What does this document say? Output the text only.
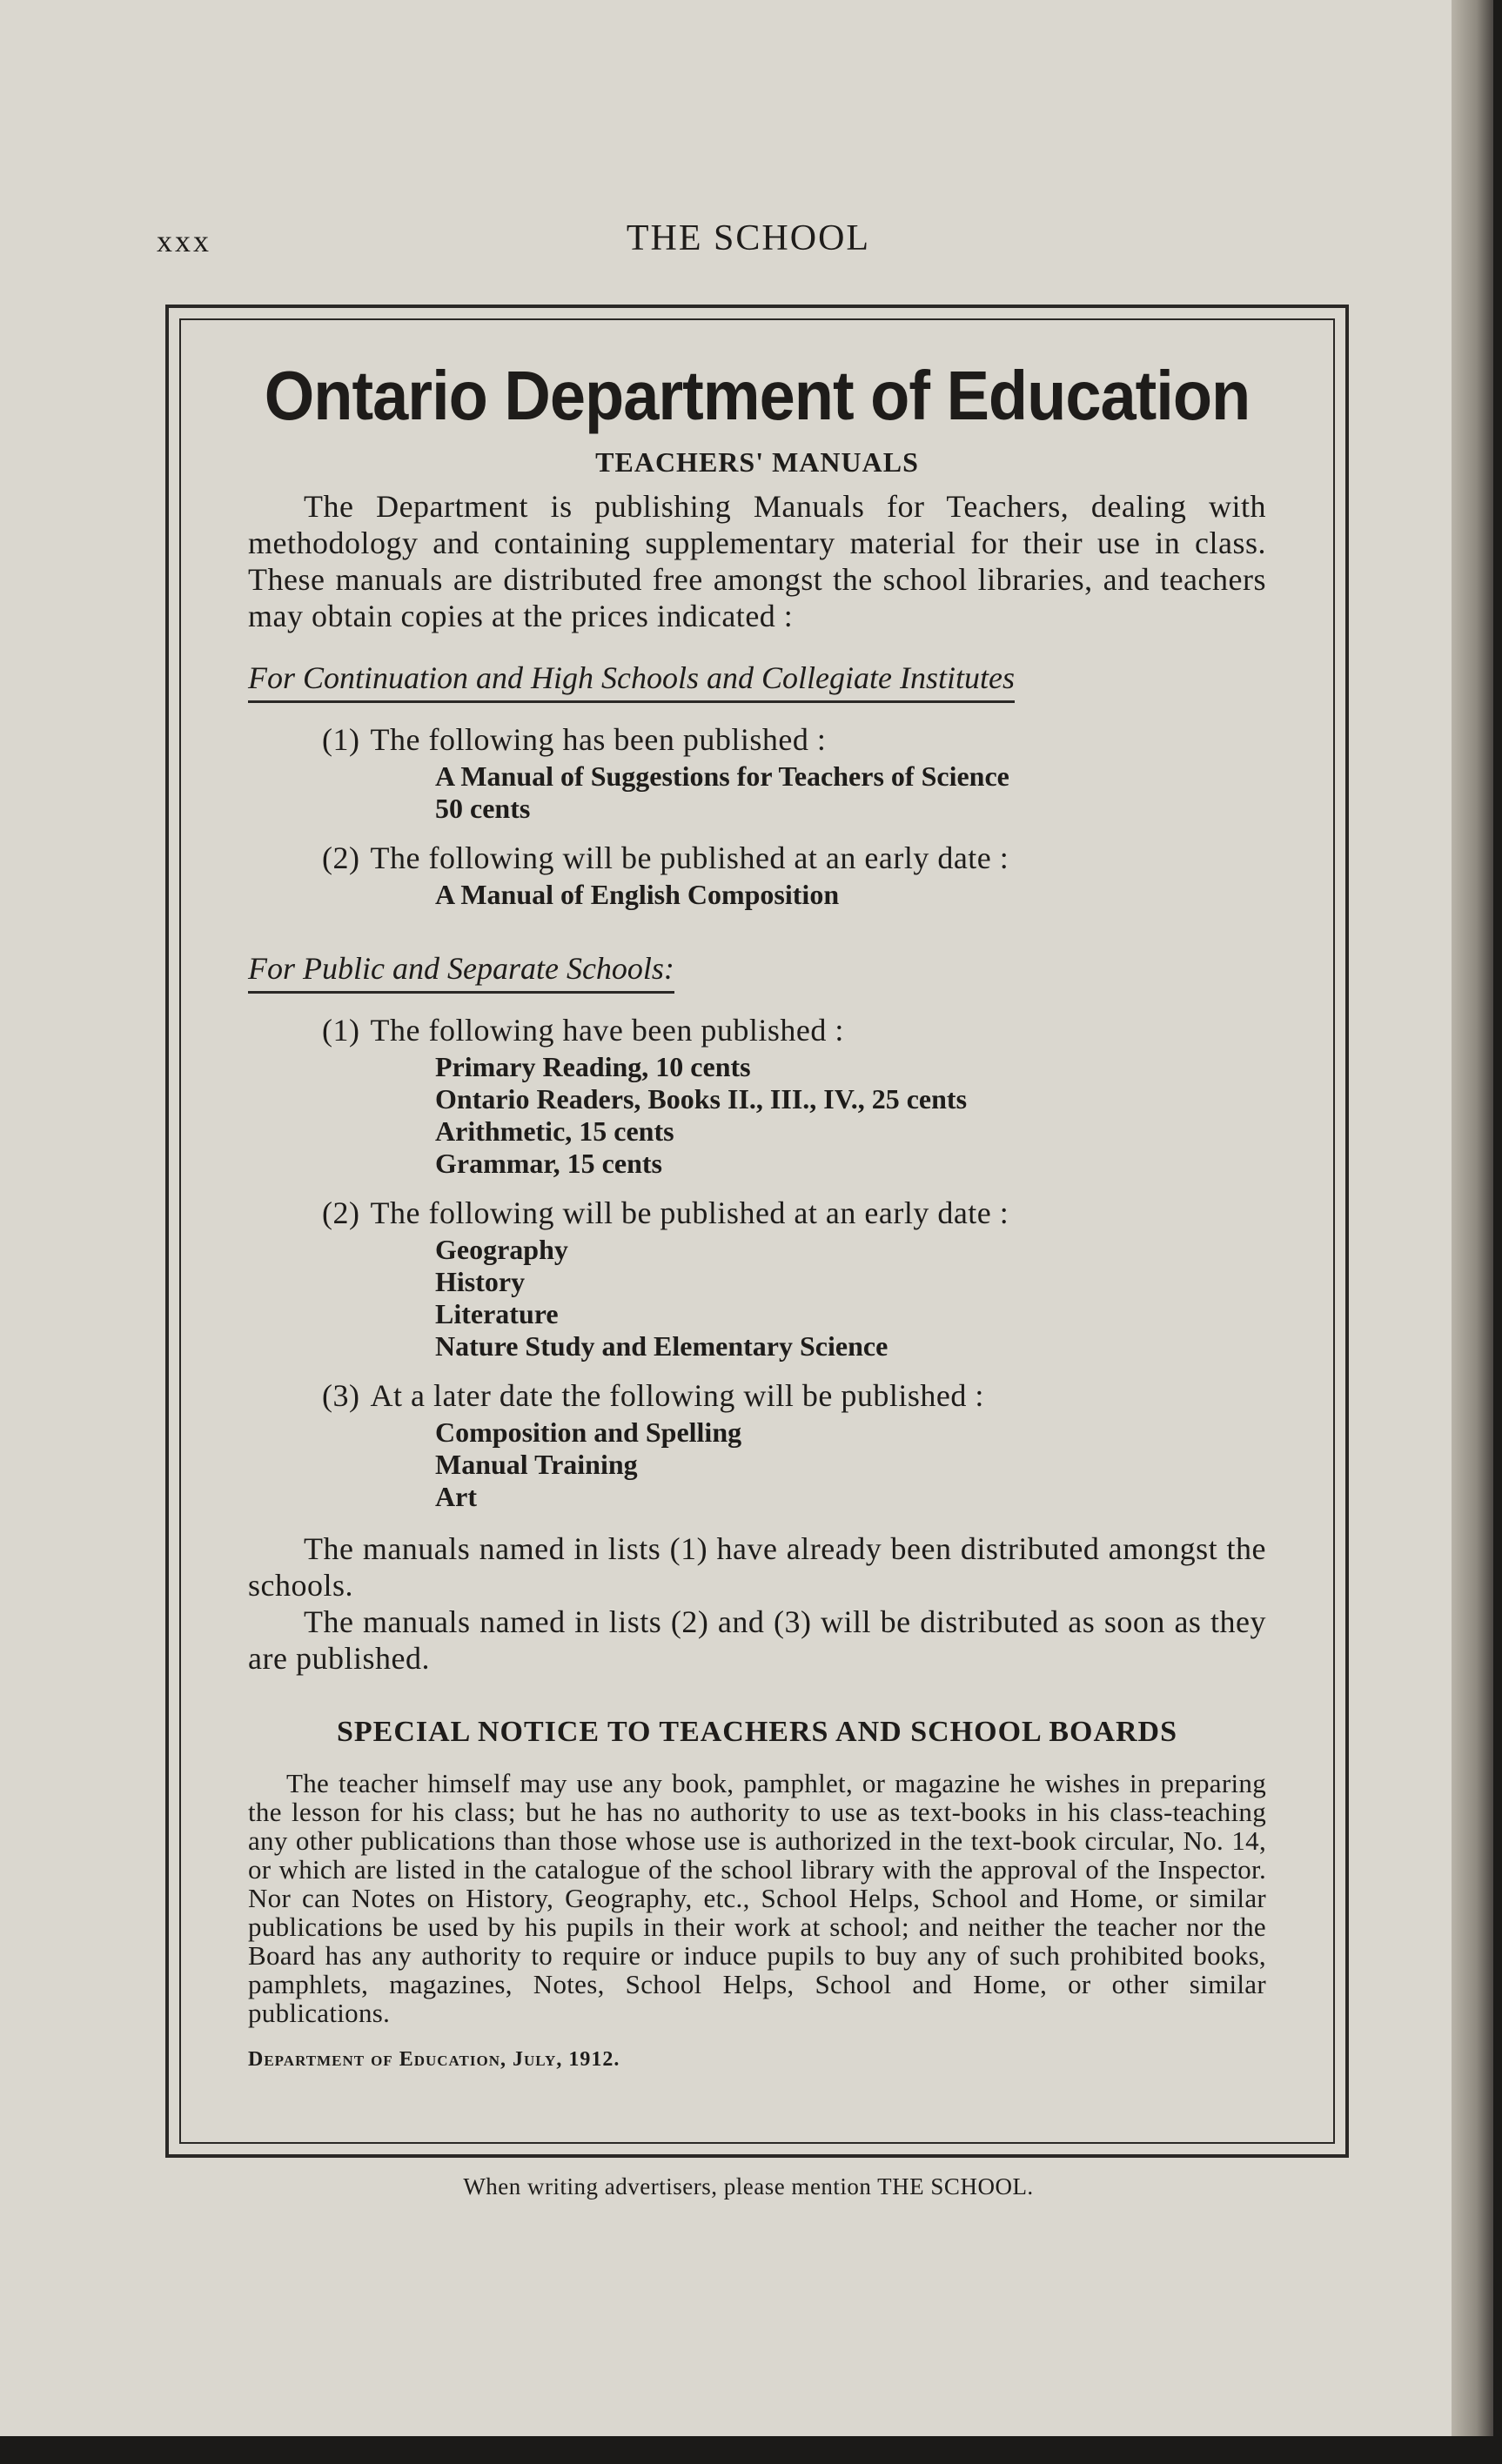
xxx	THE SCHOOL
Ontario Department of Education
TEACHERS' MANUALS

The Department is publishing Manuals for Teachers, dealing with methodology and containing supplementary material for their use in class. These manuals are distributed free amongst the school libraries, and teachers may obtain copies at the prices indicated :

For Continuation and High Schools and Collegiate Institutes
(1) The following has been published :
A Manual of Suggestions for Teachers of Science
50 cents
(2) The following will be published at an early date :
A Manual of English Composition
For Public and Separate Schools:
(1) The following have been published :
Primary Reading, 10 cents
Ontario Readers, Books II., III., IV., 25 cents
Arithmetic, 15 cents
Grammar, 15 cents
(2) The following will be published at an early date :
Geography
History
Literature
Nature Study and Elementary Science
(3) At a later date the following will be published :
Composition and Spelling
Manual Training
Art

The manuals named in lists (1) have already been distributed amongst the schools.

The manuals named in lists (2) and (3) will be distributed as soon as they are published.

SPECIAL NOTICE TO TEACHERS AND SCHOOL BOARDS

The teacher himself may use any book, pamphlet, or magazine he wishes in preparing the lesson for his class; but he has no authority to use as text-books in his class-teaching any other publications than those whose use is authorized in the text-book circular, No. 14, or which are listed in the catalogue of the school library with the approval of the Inspector. Nor can Notes on History, Geography, etc., School Helps, School and Home, or similar publications be used by his pupils in their work at school; and neither the teacher nor the Board has any authority to require or induce pupils to buy any of such prohibited books, pamphlets, magazines, Notes, School Helps, School and Home, or other similar publications.

Department of Education, July, 1912.
When writing advertisers, please mention THE SCHOOL.
